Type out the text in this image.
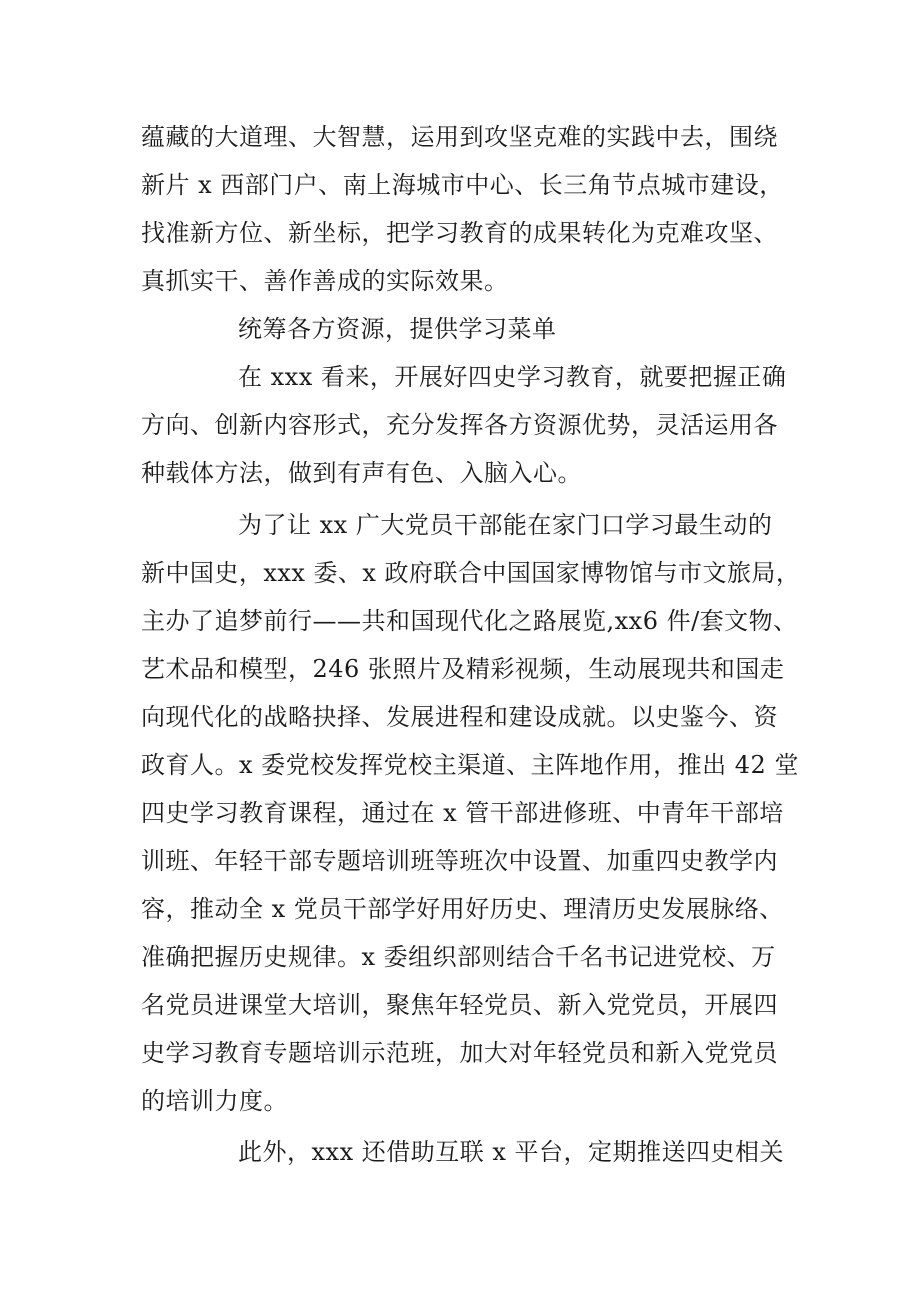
蕴藏的大道理、大智慧，运用到攻坚克难的实践中去，围绕
新片 x 西部门户、南上海城市中心、长三角节点城市建设，
找准新方位、新坐标，把学习教育的成果转化为克难攻坚、
真抓实干、善作善成的实际效果。
统筹各方资源，提供学习菜单
在 xxx 看来，开展好四史学习教育，就要把握正确
方向、创新内容形式，充分发挥各方资源优势，灵活运用各
种载体方法，做到有声有色、入脑入心。
为了让 xx 广大党员干部能在家门口学习最生动的
新中国史，xxx 委、x 政府联合中国国家博物馆与市文旅局，
主办了追梦前行——共和国现代化之路展览,xx6 件/套文物、
艺术品和模型，246 张照片及精彩视频，生动展现共和国走
向现代化的战略抉择、发展进程和建设成就。以史鉴今、资
政育人。x 委党校发挥党校主渠道、主阵地作用，推出 42 堂
四史学习教育课程，通过在 x 管干部进修班、中青年干部培
训班、年轻干部专题培训班等班次中设置、加重四史教学内
容，推动全 x 党员干部学好用好历史、理清历史发展脉络、
准确把握历史规律。x 委组织部则结合千名书记进党校、万
名党员进课堂大培训，聚焦年轻党员、新入党党员，开展四
史学习教育专题培训示范班，加大对年轻党员和新入党党员
的培训力度。
此外，xxx 还借助互联 x 平台，定期推送四史相关
